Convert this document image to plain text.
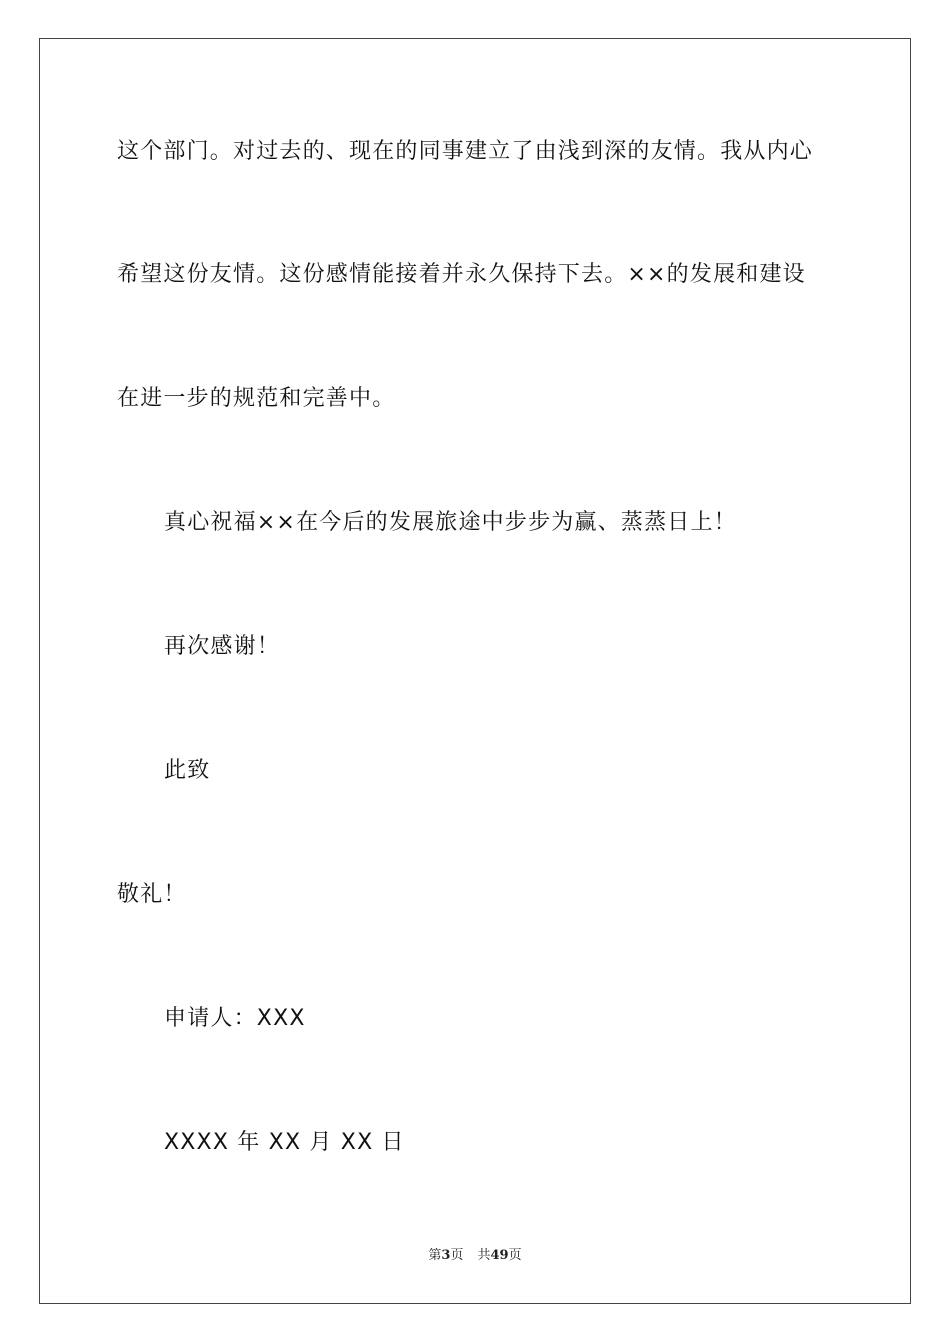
这个部门。对过去的、现在的同事建立了由浅到深的友情。我从内心
希望这份友情。这份感情能接着并永久保持下去。××的发展和建设
在进一步的规范和完善中。
真心祝福××在今后的发展旅途中步步为赢、蒸蒸日上！
再次感谢！
此致
敬礼！
申请人：XXX
XXXX 年 XX 月 XX 日
第3页 共49页
